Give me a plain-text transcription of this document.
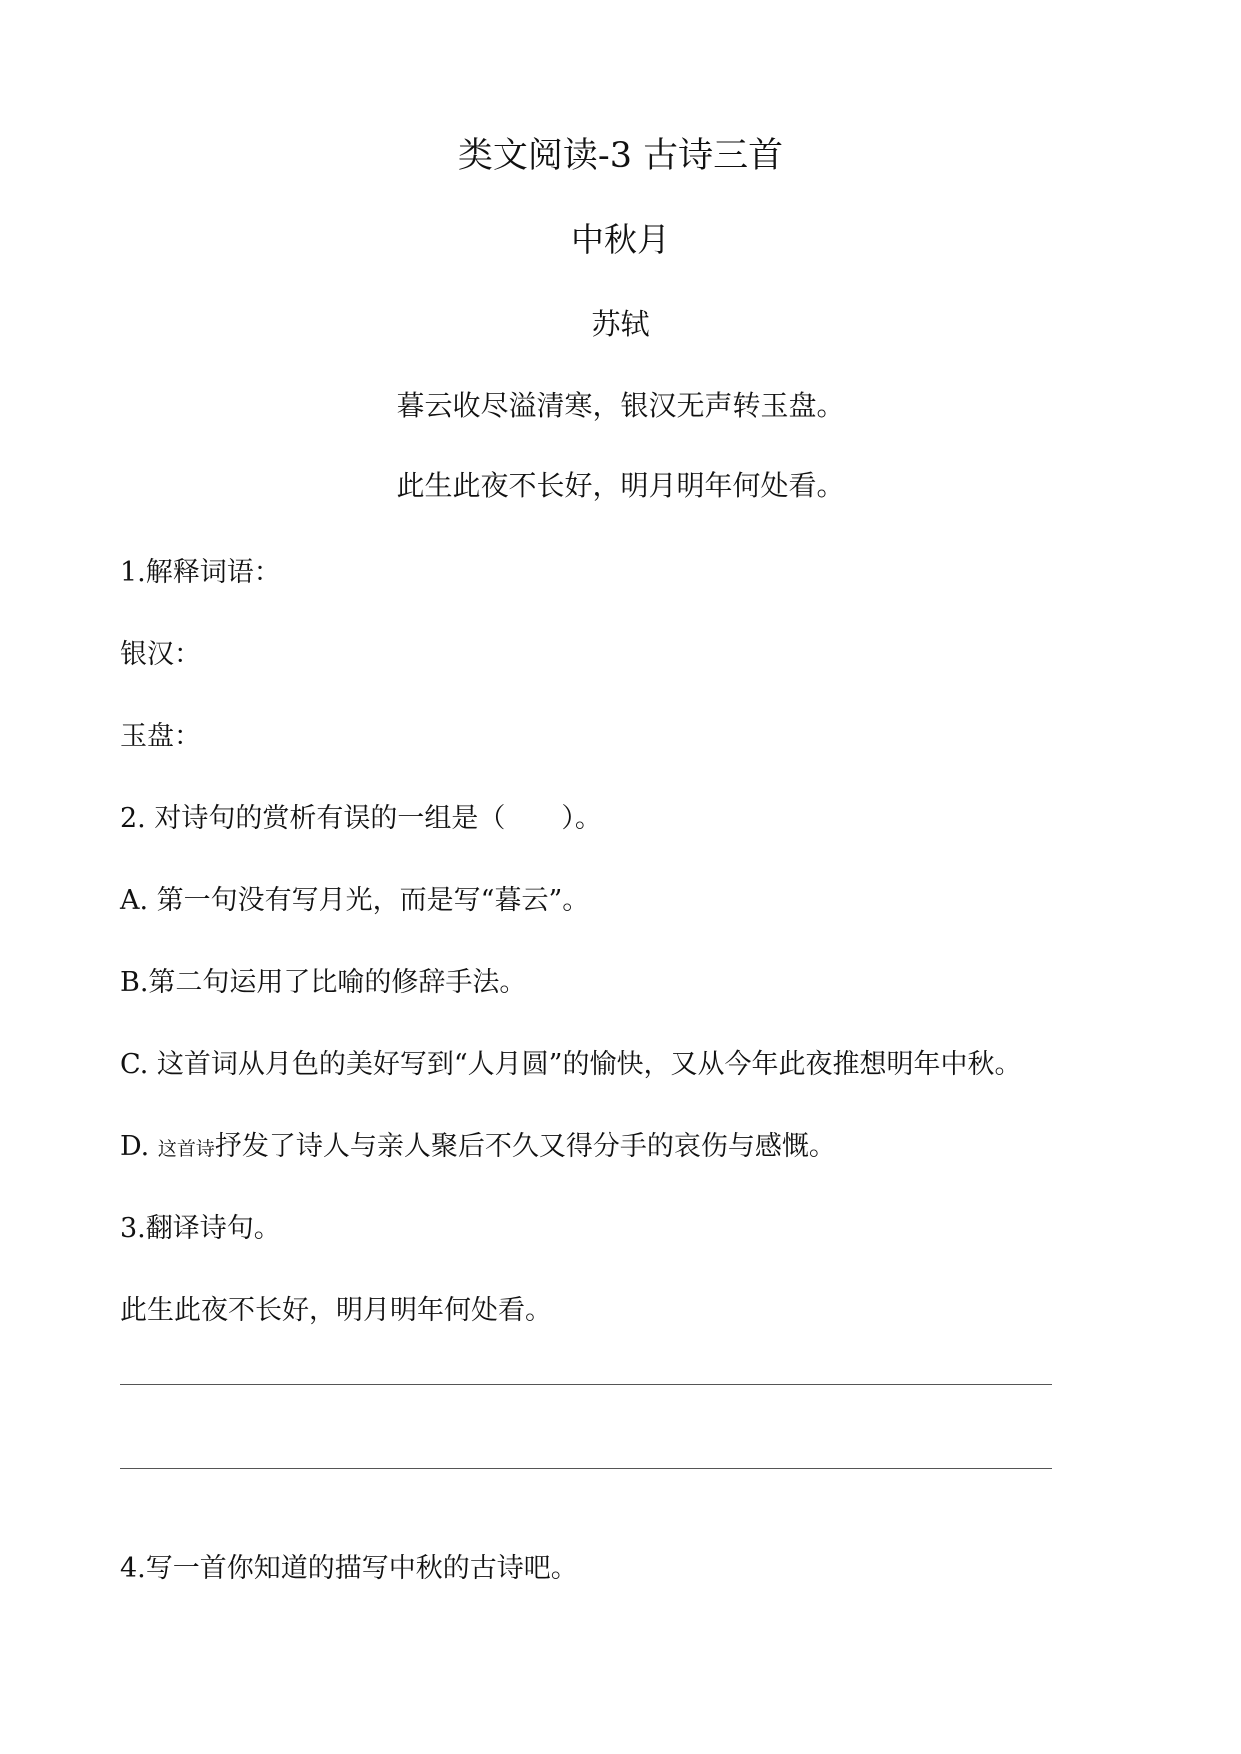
类文阅读-3 古诗三首
中秋月
苏轼
暮云收尽溢清寒，银汉无声转玉盘。
此生此夜不长好，明月明年何处看。
1.解释词语：
银汉：
玉盘：
2. 对诗句的赏析有误的一组是（ ）。
A. 第一句没有写月光，而是写“暮云”。
B.第二句运用了比喻的修辞手法。
C. 这首词从月色的美好写到“人月圆”的愉快，又从今年此夜推想明年中秋。
D. 这首诗抒发了诗人与亲人聚后不久又得分手的哀伤与感慨。
3.翻译诗句。
此生此夜不长好，明月明年何处看。
4.写一首你知道的描写中秋的古诗吧。
